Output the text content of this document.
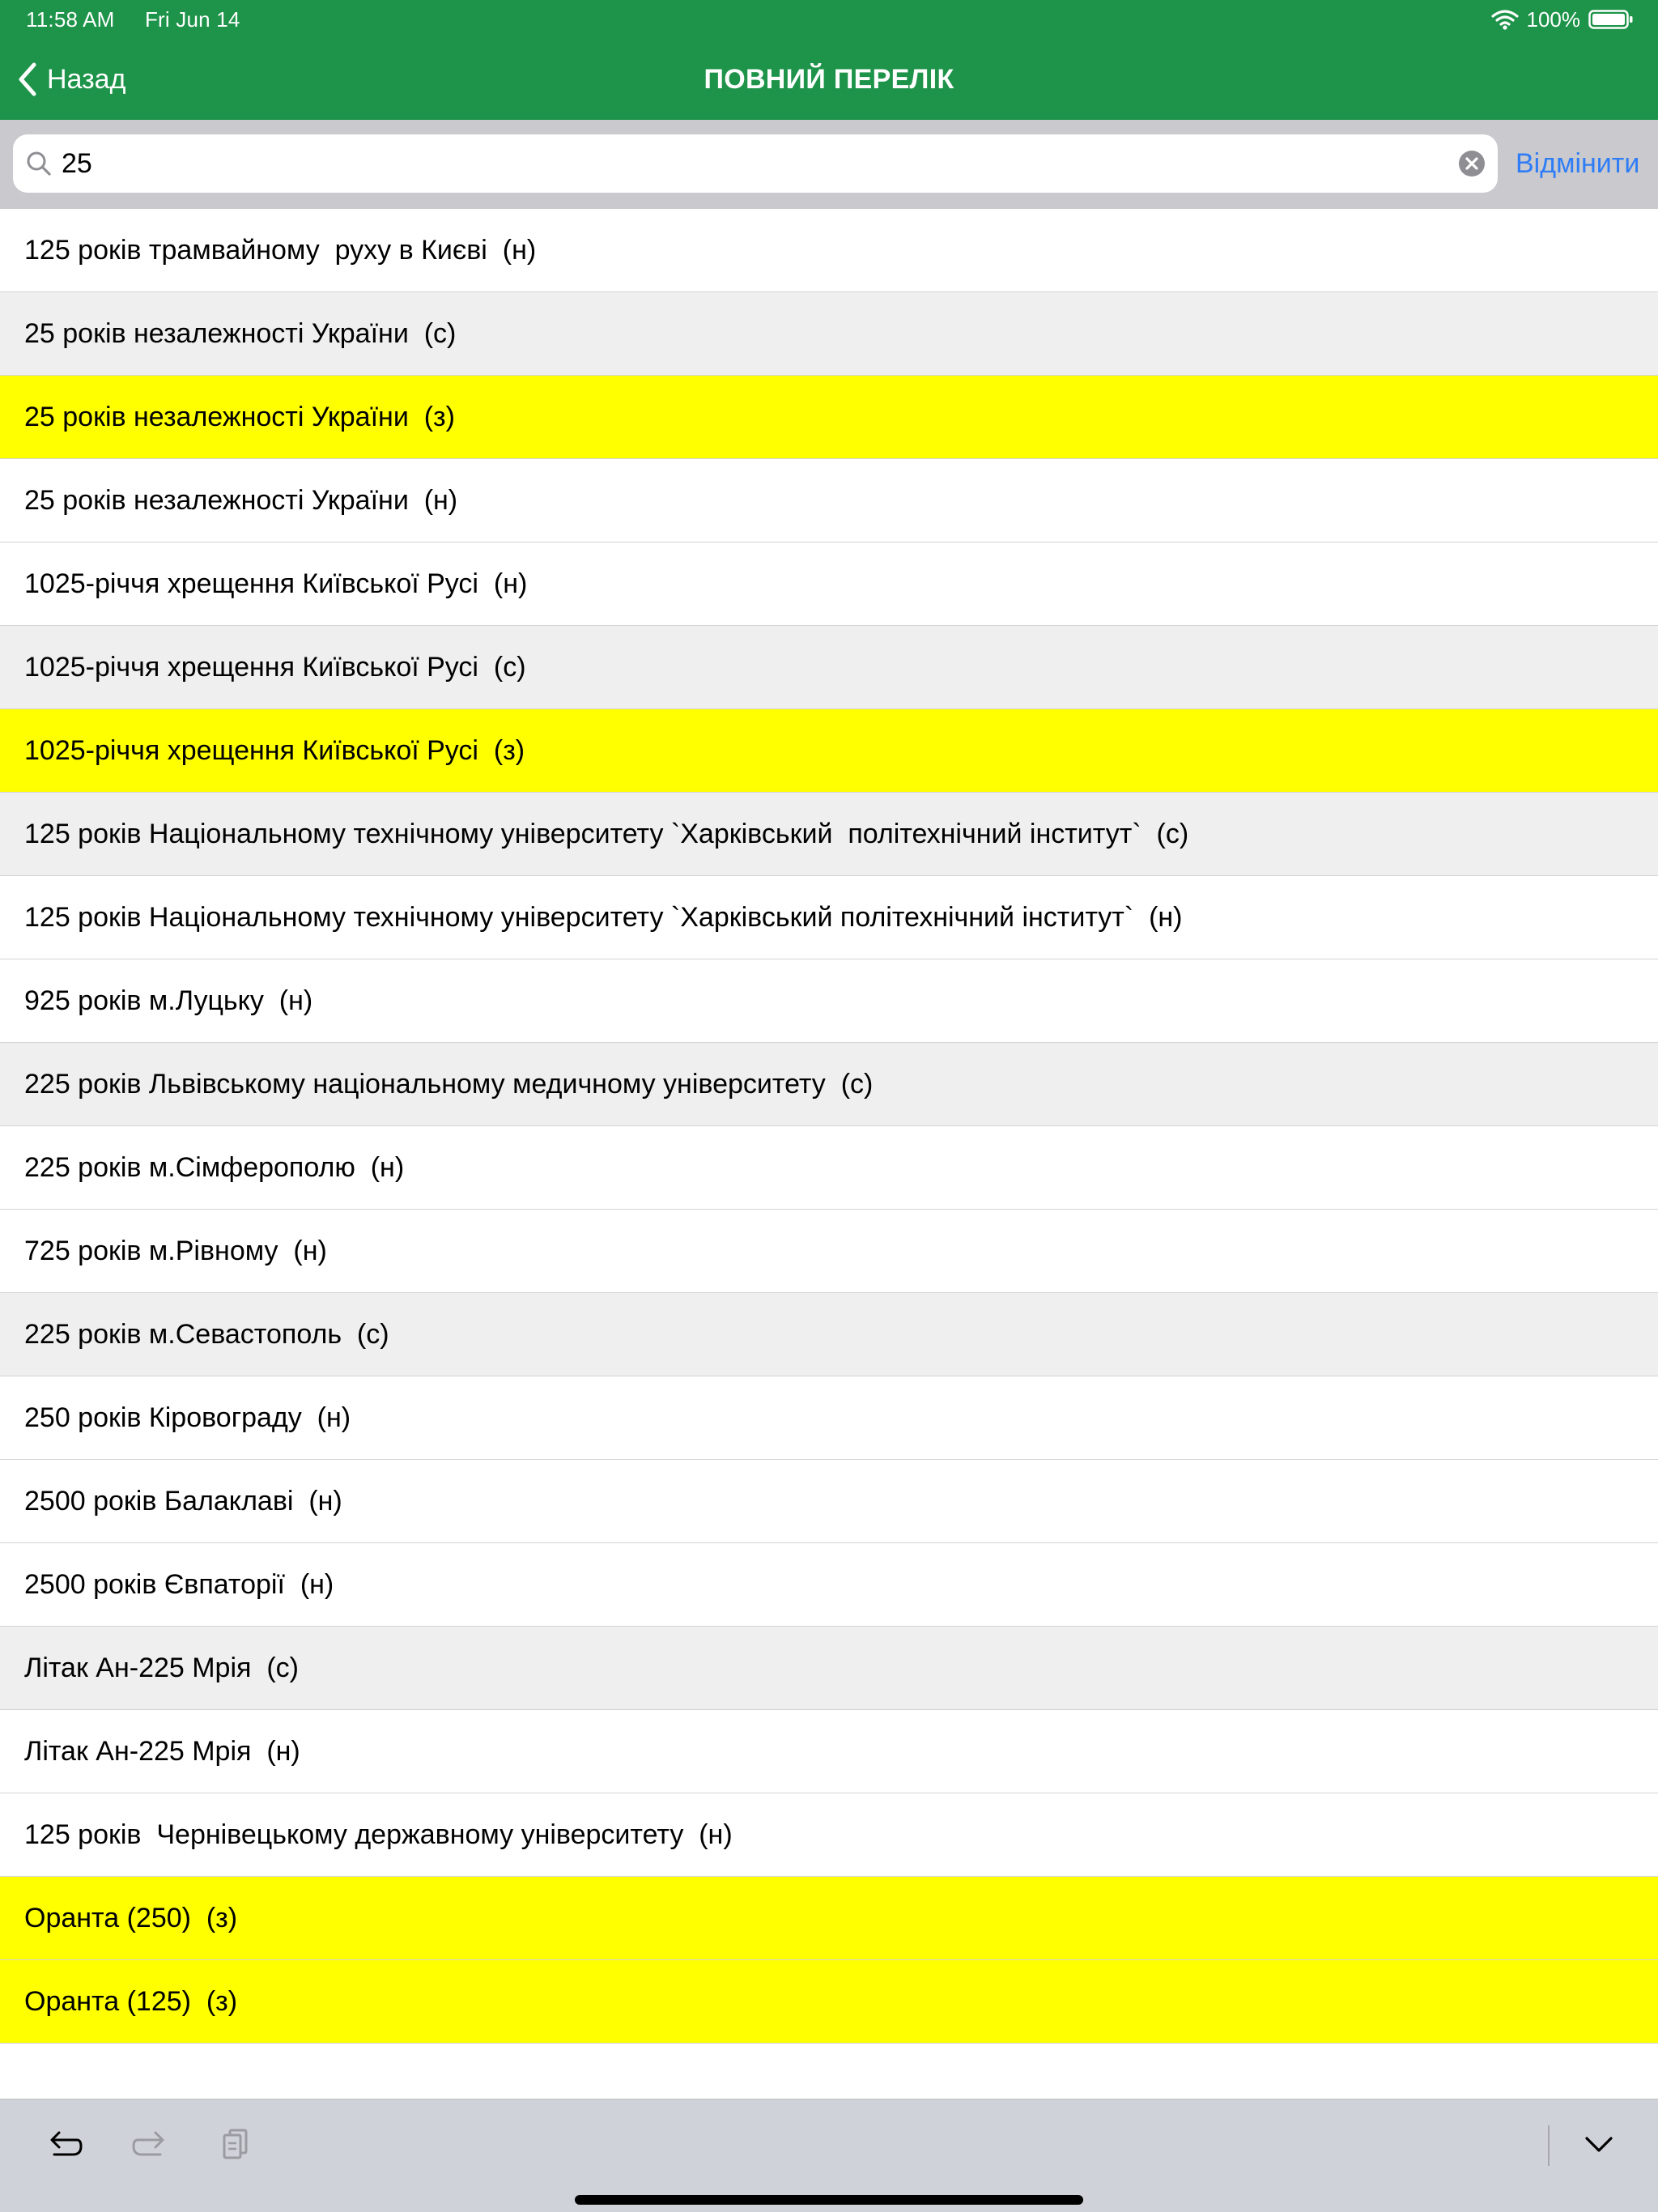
11:58 AM Fri Jun 14	100%
Назад	ПОВНИЙ ПЕРЕЛІК
25
Відмінити
125 років трамвайному  руху в Києві  (н)
25 років незалежності України  (с)
25 років незалежності України  (з)
25 років незалежності України  (н)
1025-річчя хрещення Київської Русі  (н)
1025-річчя хрещення Київської Русі  (с)
1025-річчя хрещення Київської Русі  (з)
125 років Національному технічному університету `Харківський  політехнічний інститут`  (с)
125 років Національному технічному університету `Харківський політехнічний інститут`  (н)
925 років м.Луцьку  (н)
225 років Львівському національному медичному університету  (с)
225 років м.Сімферополю  (н)
725 років м.Рівному  (н)
225 років м.Севастополь  (с)
250 років Кіровограду  (н)
2500 років Балаклаві  (н)
2500 років Євпаторії  (н)
Літак Ан-225 Мрія  (с)
Літак Ан-225 Мрія  (н)
125 років  Чернівецькому державному університету  (н)
Оранта (250)  (з)
Оранта (125)  (з)
